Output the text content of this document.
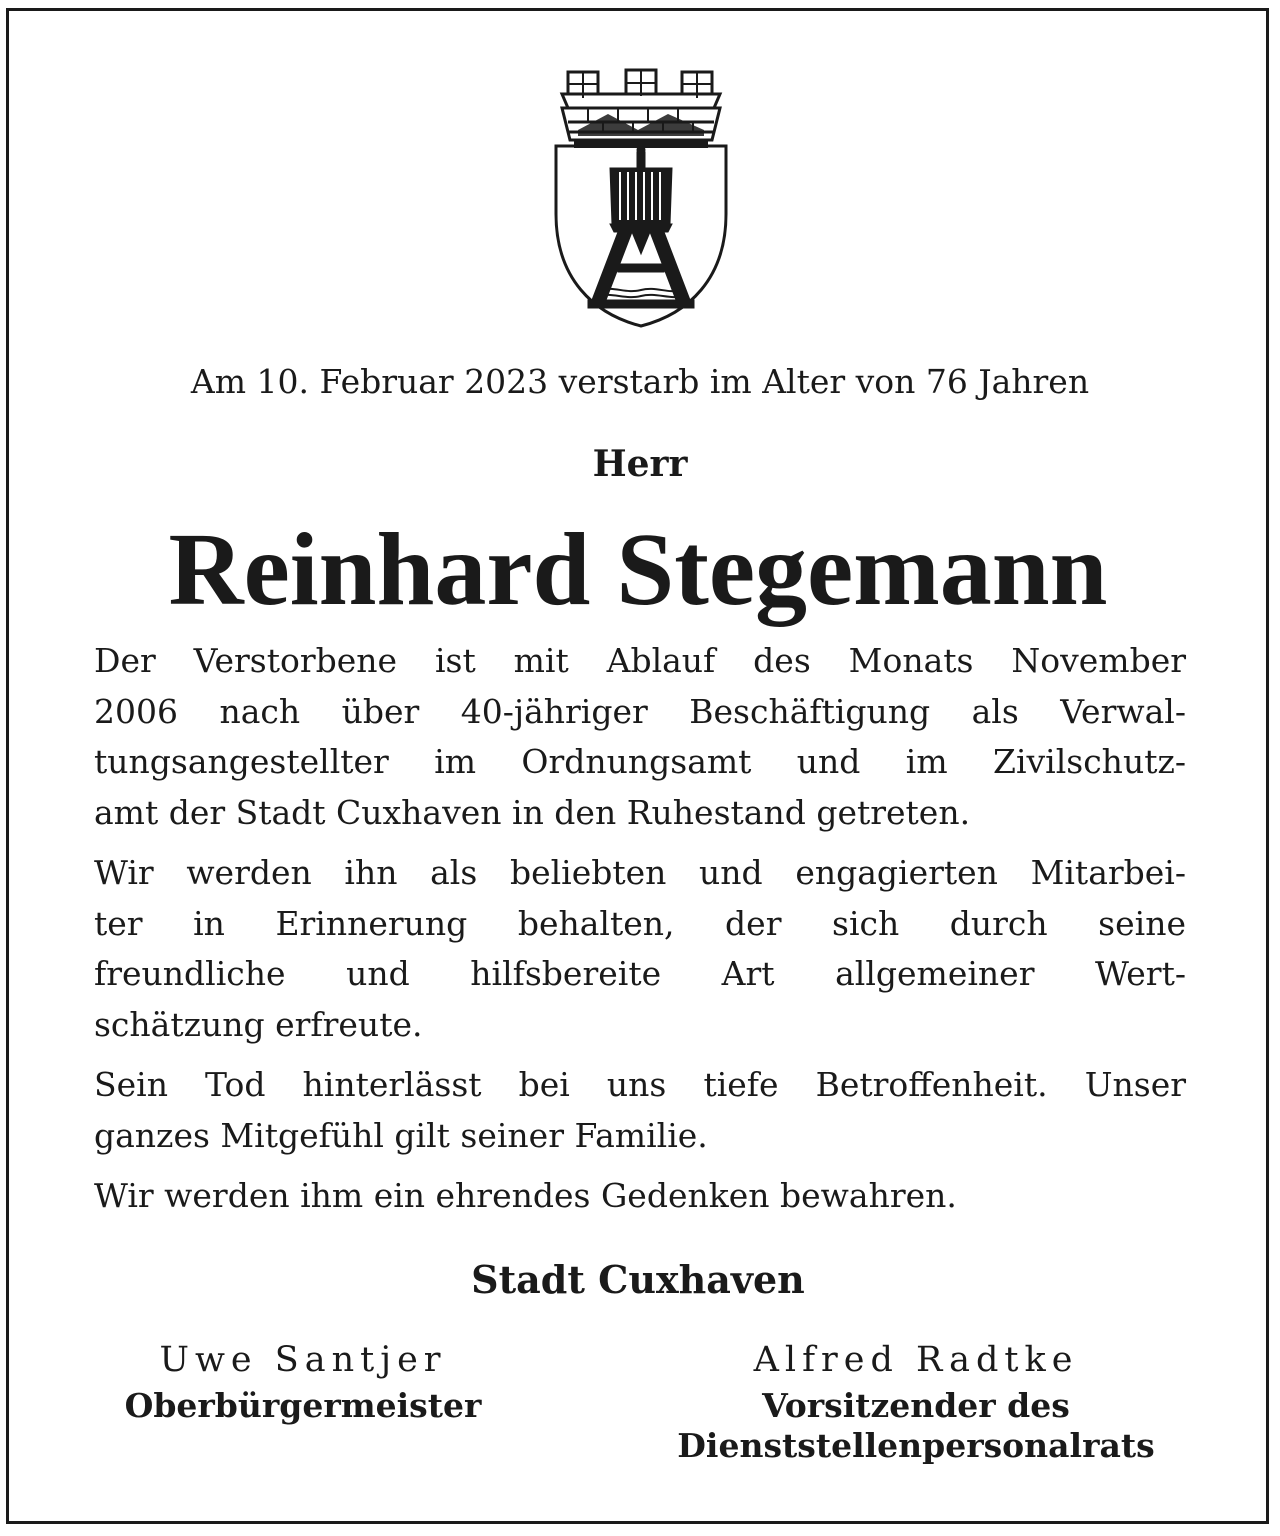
Am 10. Februar 2023 verstarb im Alter von 76 Jahren
Herr
Reinhard Stegemann
Der Verstorbene ist mit Ablauf des Monats November
2006 nach über 40-jähriger Beschäftigung als Verwal-
tungsangestellter im Ordnungsamt und im Zivilschutz-
amt der Stadt Cuxhaven in den Ruhestand getreten.
Wir werden ihn als beliebten und engagierten Mitarbei-
ter in Erinnerung behalten, der sich durch seine
freundliche und hilfsbereite Art allgemeiner Wert-
schätzung erfreute.
Sein Tod hinterlässt bei uns tiefe Betroffenheit. Unser
ganzes Mitgefühl gilt seiner Familie.
Wir werden ihm ein ehrendes Gedenken bewahren.
Stadt Cuxhaven
Uwe Santjer
Oberbürgermeister
Alfred Radtke
Vorsitzender des
Dienststellenpersonalrats
